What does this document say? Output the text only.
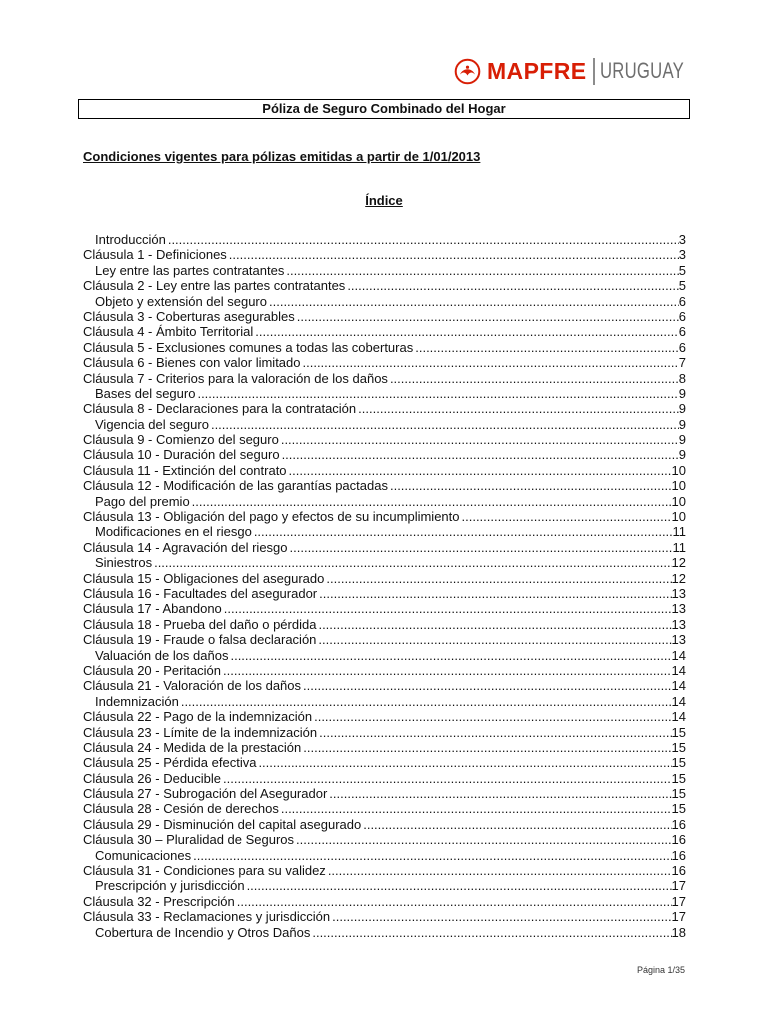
MAPFRE URUGUAY
Póliza de Seguro Combinado del Hogar
Condiciones vigentes para pólizas emitidas a partir de 1/01/2013
Índice
Introducción .....	3
Cláusula 1 - Definiciones .....	3
Ley entre las partes contratantes .....	5
Cláusula 2 - Ley entre las partes contratantes .....	5
Objeto y extensión del seguro .....	6
Cláusula 3 - Coberturas asegurables .....	6
Cláusula 4 - Ámbito Territorial .....	6
Cláusula 5 - Exclusiones comunes a todas las coberturas .....	6
Cláusula 6 - Bienes con valor limitado .....	7
Cláusula 7 - Criterios para la valoración de los daños .....	8
Bases del seguro .....	9
Cláusula 8 - Declaraciones para la contratación .....	9
Vigencia del seguro .....	9
Cláusula 9 - Comienzo del seguro .....	9
Cláusula 10 - Duración del seguro .....	9
Cláusula 11 - Extinción del contrato .....	10
Cláusula 12 - Modificación de las garantías pactadas .....	10
Pago del premio .....	10
Cláusula 13 - Obligación del pago y efectos de su incumplimiento .....	10
Modificaciones en el riesgo .....	11
Cláusula 14 - Agravación del riesgo .....	11
Siniestros .....	12
Cláusula 15 - Obligaciones del asegurado .....	12
Cláusula 16 - Facultades del asegurador .....	13
Cláusula 17 - Abandono .....	13
Cláusula 18 - Prueba del daño o pérdida .....	13
Cláusula 19 - Fraude o falsa declaración .....	13
Valuación de los daños .....	14
Cláusula 20 - Peritación .....	14
Cláusula 21 - Valoración de los daños .....	14
Indemnización .....	14
Cláusula 22 - Pago de la indemnización .....	14
Cláusula 23 - Límite de la indemnización .....	15
Cláusula 24 - Medida de la prestación .....	15
Cláusula 25 - Pérdida efectiva .....	15
Cláusula 26 - Deducible .....	15
Cláusula 27 - Subrogación del Asegurador .....	15
Cláusula 28 - Cesión de derechos .....	15
Cláusula 29 - Disminución del capital asegurado .....	16
Cláusula 30 – Pluralidad de Seguros .....	16
Comunicaciones .....	16
Cláusula 31 - Condiciones para su validez .....	16
Prescripción y jurisdicción .....	17
Cláusula 32 - Prescripción .....	17
Cláusula 33 - Reclamaciones y jurisdicción .....	17
Cobertura de Incendio y Otros Daños .....	18
Página 1/35
